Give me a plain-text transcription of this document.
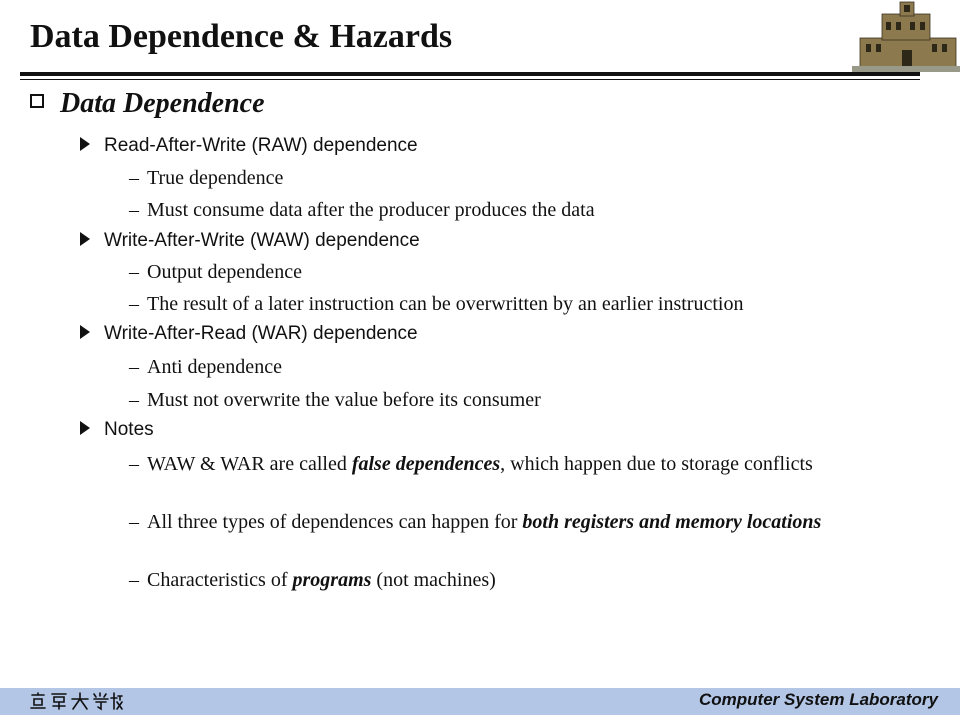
Data Dependence & Hazards
Data Dependence
Read-After-Write (RAW) dependence
– True dependence
– Must consume data after the producer produces the data
Write-After-Write (WAW) dependence
– Output dependence
– The result of a later instruction can be overwritten by an earlier instruction
Write-After-Read (WAR) dependence
– Anti dependence
– Must not overwrite the value before its consumer
Notes
– WAW & WAR are called false dependences, which happen due to storage conflicts
– All three types of dependences can happen for both registers and memory locations
– Characteristics of programs (not machines)
Computer System Laboratory
